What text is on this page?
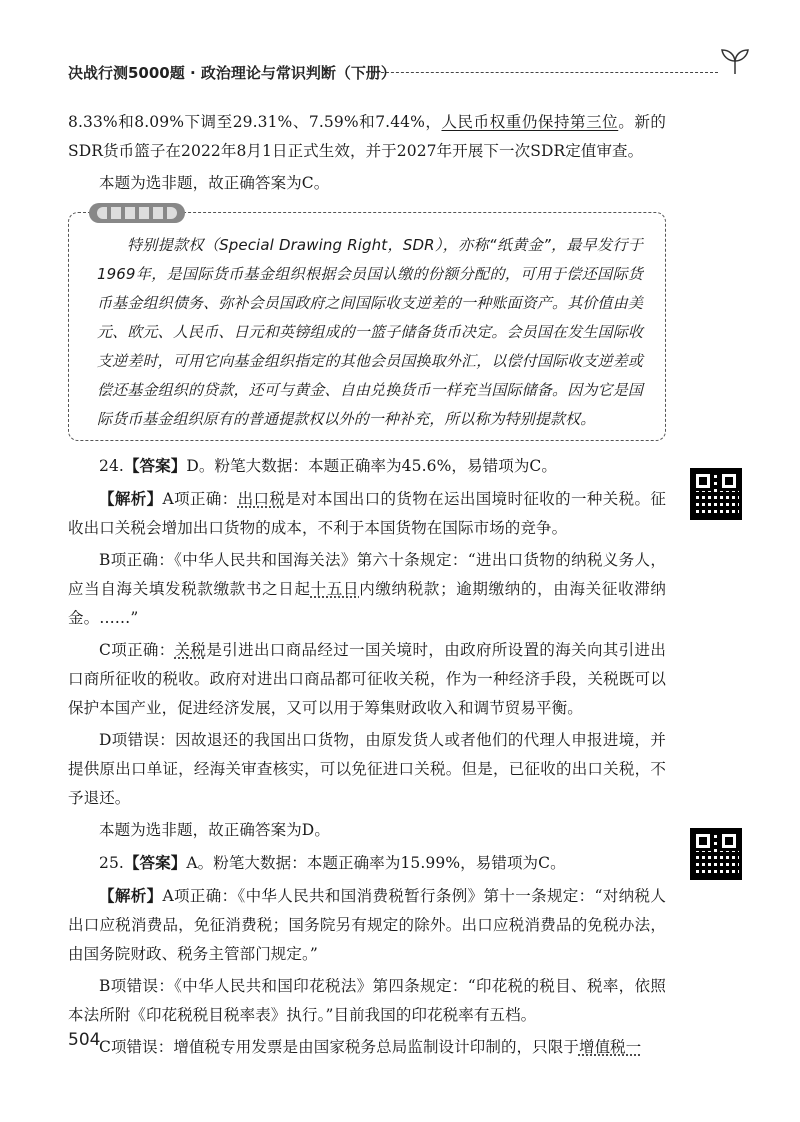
决战行测5000题 · 政治理论与常识判断（下册）

8.33%和8.09%下调至29.31%、7.59%和7.44%，人民币权重仍保持第三位。新的SDR货币篮子在2022年8月1日正式生效，并于2027年开展下一次SDR定值审查。

本题为选非题，故正确答案为C。

特别提款权（Special Drawing Right，SDR），亦称“纸黄金”，最早发行于1969年，是国际货币基金组织根据会员国认缴的份额分配的，可用于偿还国际货币基金组织债务、弥补会员国政府之间国际收支逆差的一种账面资产。其价值由美元、欧元、人民币、日元和英镑组成的一篮子储备货币决定。会员国在发生国际收支逆差时，可用它向基金组织指定的其他会员国换取外汇，以偿付国际收支逆差或偿还基金组织的贷款，还可与黄金、自由兑换货币一样充当国际储备。因为它是国际货币基金组织原有的普通提款权以外的一种补充，所以称为特别提款权。

24.【答案】D。粉笔大数据：本题正确率为45.6%，易错项为C。

【解析】A项正确：出口税是对本国出口的货物在运出国境时征收的一种关税。征收出口关税会增加出口货物的成本，不利于本国货物在国际市场的竞争。

B项正确：《中华人民共和国海关法》第六十条规定：“进出口货物的纳税义务人，应当自海关填发税款缴款书之日起十五日内缴纳税款；逾期缴纳的，由海关征收滞纳金。……”

C项正确：关税是引进出口商品经过一国关境时，由政府所设置的海关向其引进出口商所征收的税收。政府对进出口商品都可征收关税，作为一种经济手段，关税既可以保护本国产业，促进经济发展，又可以用于筹集财政收入和调节贸易平衡。

D项错误：因故退还的我国出口货物，由原发货人或者他们的代理人申报进境，并提供原出口单证，经海关审查核实，可以免征进口关税。但是，已征收的出口关税，不予退还。

本题为选非题，故正确答案为D。

25.【答案】A。粉笔大数据：本题正确率为15.99%，易错项为C。

【解析】A项正确：《中华人民共和国消费税暂行条例》第十一条规定：“对纳税人出口应税消费品，免征消费税；国务院另有规定的除外。出口应税消费品的免税办法，由国务院财政、税务主管部门规定。”

B项错误：《中华人民共和国印花税法》第四条规定：“印花税的税目、税率，依照本法所附《印花税税目税率表》执行。”目前我国的印花税率有五档。

C项错误：增值税专用发票是由国家税务总局监制设计印制的，只限于增值税一

504
